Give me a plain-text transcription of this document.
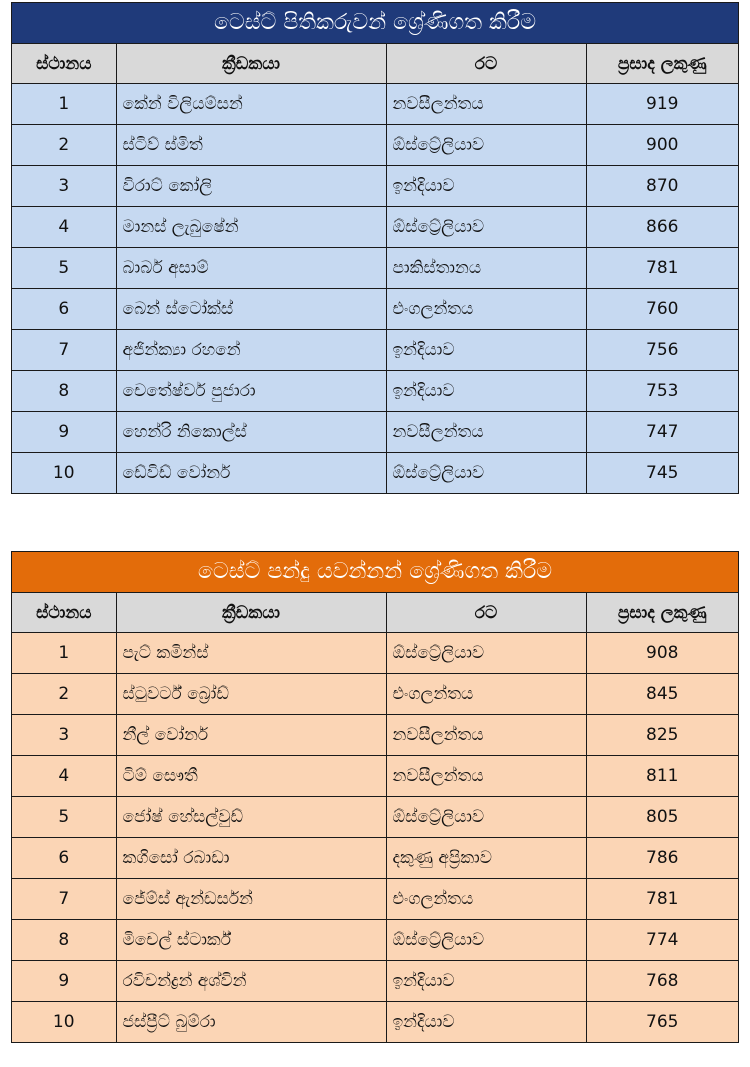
ටෙස්ට් පිතිකරුවන් ශ්‍රේණිගත කිරීම
ස්ථානය	ක්‍රීඩකයා	රට	ප්‍රසාද ලකුණු
1	කේන් විලියම්සන්	නවසීලන්තය	919
2	ස්ටිව් ස්මිත්	ඕස්ට්‍රේලියාව	900
3	විරාට් කෝලි	ඉන්දියාව	870
4	මානස් ලැබුෂේන්	ඕස්ට්‍රේලියාව	866
5	බාබර් අසාම්	පාකිස්තානය	781
6	බෙන් ස්ටෝක්ස්	එංගලන්තය	760
7	අජින්ක්‍යා රහනේ	ඉන්දියාව	756
8	චෙතේෂ්වර් පුජාරා	ඉන්දියාව	753
9	හෙන්රි නිකොල්ස්	නවසීලන්තය	747
10	ඩේවිඩ් වෝනර්	ඕස්ට්‍රේලියාව	745
ටෙස්ට් පන්දු යවන්නන් ශ්‍රේණිගත කිරීම
ස්ථානය	ක්‍රීඩකයා	රට	ප්‍රසාද ලකුණු
1	පැට් කමින්ස්	ඕස්ට්‍රේලියාව	908
2	ස්ටුවර්ට් බ්‍රෝඩ්	එංගලන්තය	845
3	නීල් වෝනර්	නවසීලන්තය	825
4	ටිම් සෞතී	නවසීලන්තය	811
5	ජෝෂ් හේසල්වුඩ්	ඕස්ට්‍රේලියාව	805
6	කගිසෝ රබාඩා	දකුණු අප්‍රිකාව	786
7	ජේම්ස් ඇන්ඩර්සන්	එංගලන්තය	781
8	මිචෙල් ස්ටාර්ක්	ඕස්ට්‍රේලියාව	774
9	රවිචන්ද්‍රන් අශ්වින්	ඉන්දියාව	768
10	ජස්ප්‍රීට් බුම්රා	ඉන්දියාව	765
